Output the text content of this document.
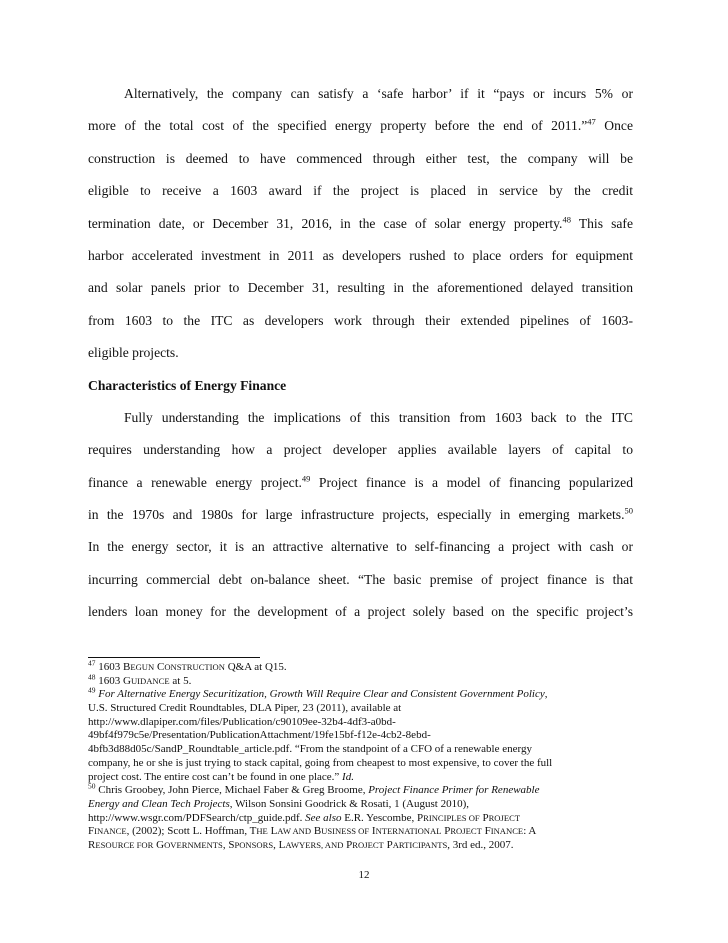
Alternatively, the company can satisfy a ‘safe harbor’ if it “pays or incurs 5% or
more of the total cost of the specified energy property before the end of 2011.”$^{47}$ Once
construction is deemed to have commenced through either test, the company will be
eligible to receive a 1603 award if the project is placed in service by the credit
termination date, or December 31, 2016, in the case of solar energy property.$^{48}$ This safe
harbor accelerated investment in 2011 as developers rushed to place orders for equipment
and solar panels prior to December 31, resulting in the aforementioned delayed transition
from 1603 to the ITC as developers work through their extended pipelines of 1603-
eligible projects.
Characteristics of Energy Finance
Fully understanding the implications of this transition from 1603 back to the ITC
requires understanding how a project developer applies available layers of capital to
finance a renewable energy project.$^{49}$ Project finance is a model of financing popularized
in the 1970s and 1980s for large infrastructure projects, especially in emerging markets.$^{50}$
In the energy sector, it is an attractive alternative to self-financing a project with cash or
incurring commercial debt on-balance sheet. “The basic premise of project finance is that
lenders loan money for the development of a project solely based on the specific project’s
$^{47}$ 1603 BEGUN CONSTRUCTION Q&A at Q15.
$^{48}$ 1603 GUIDANCE at 5.
$^{49}$ For Alternative Energy Securitization, Growth Will Require Clear and Consistent Government Policy,
U.S. Structured Credit Roundtables, DLA Piper, 23 (2011), available at
http://www.dlapiper.com/files/Publication/c90109ee-32b4-4df3-a0bd-
49bf4f979c5e/Presentation/PublicationAttachment/19fe15bf-f12e-4cb2-8ebd-
4bfb3d88d05c/SandP_Roundtable_article.pdf. “From the standpoint of a CFO of a renewable energy
company, he or she is just trying to stack capital, going from cheapest to most expensive, to cover the full
project cost. The entire cost can’t be found in one place.” Id.
$^{50}$ Chris Groobey, John Pierce, Michael Faber & Greg Broome, Project Finance Primer for Renewable
Energy and Clean Tech Projects, Wilson Sonsini Goodrick & Rosati, 1 (August 2010),
http://www.wsgr.com/PDFSearch/ctp_guide.pdf. See also E.R. Yescombe, PRINCIPLES OF PROJECT
FINANCE, (2002); Scott L. Hoffman, THE LAW AND BUSINESS OF INTERNATIONAL PROJECT FINANCE: A
RESOURCE FOR GOVERNMENTS, SPONSORS, LAWYERS, AND PROJECT PARTICIPANTS, 3rd ed., 2007.
12
